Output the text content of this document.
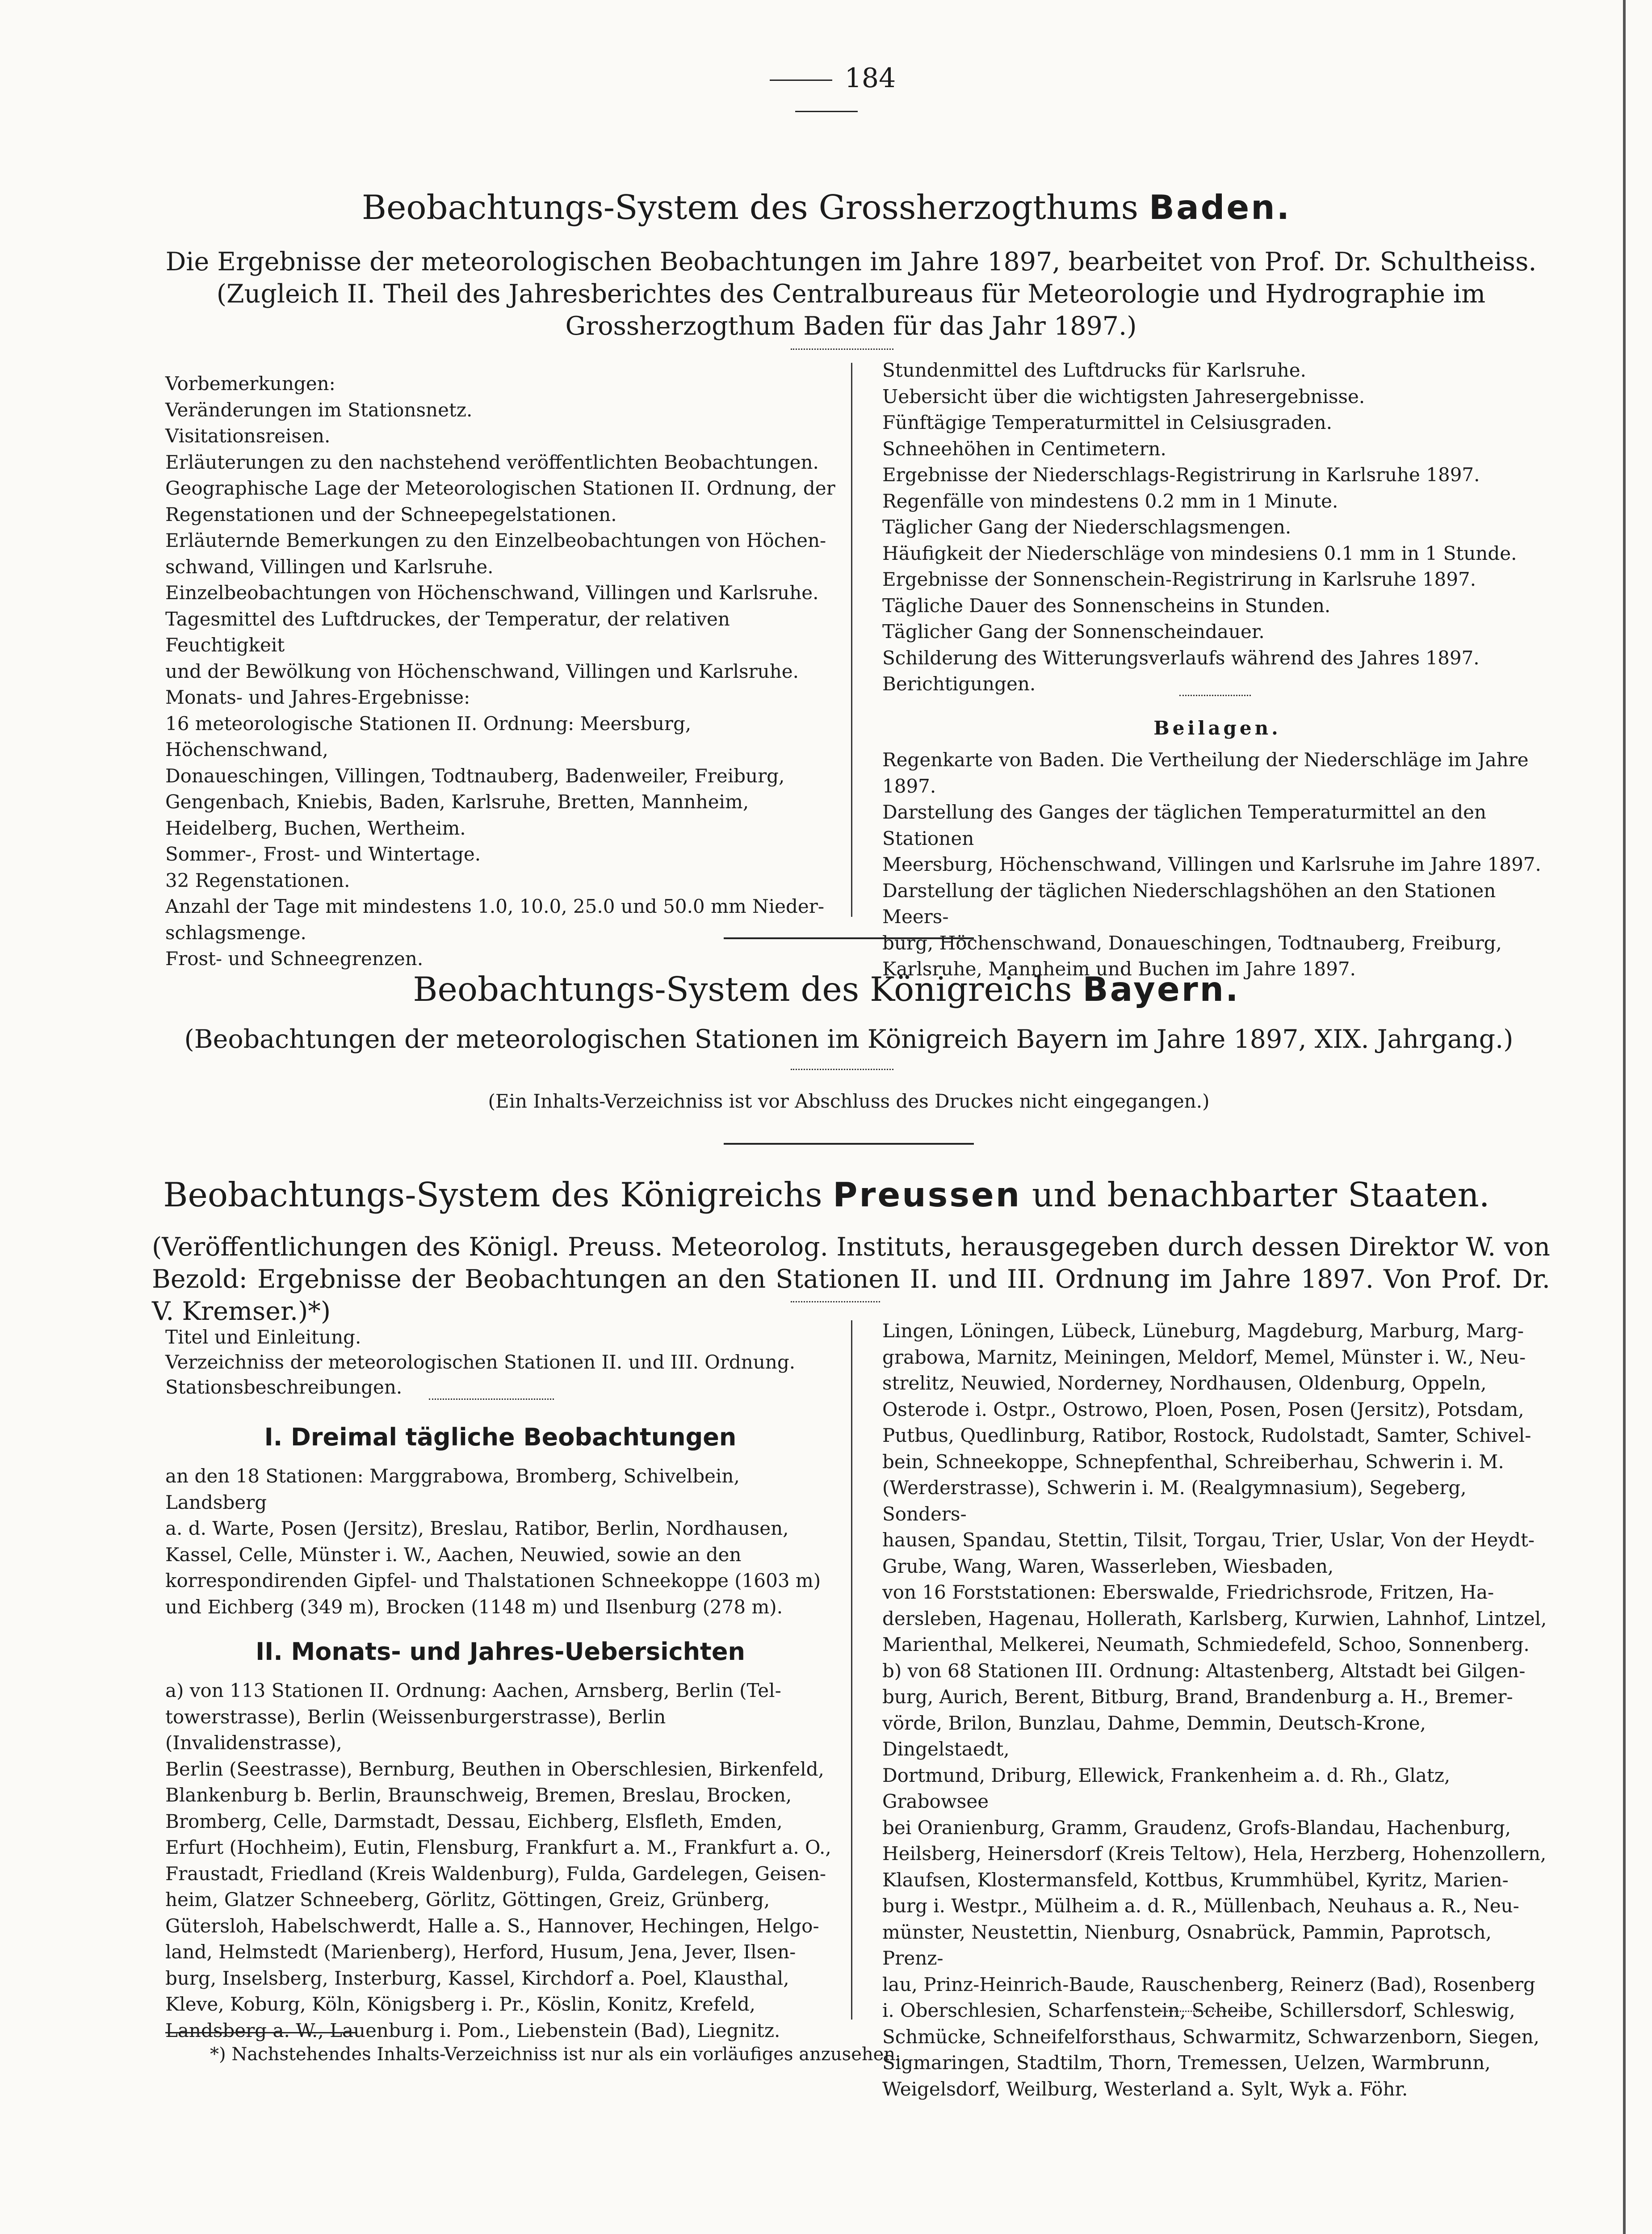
184
Beobachtungs-System des Grossherzogthums Baden.
Die Ergebnisse der meteorologischen Beobachtungen im Jahre 1897, bearbeitet von Prof. Dr. Schultheiss. (Zugleich II. Theil des Jahresberichtes des Centralbureaus für Meteorologie und Hydrographie im Grossherzogthum Baden für das Jahr 1897.)
Vorbemerkungen:
Veränderungen im Stationsnetz.
Visitationsreisen.
Erläuterungen zu den nachstehend veröffentlichten Beobachtungen.
Geographische Lage der Meteorologischen Stationen II. Ordnung, der
Regenstationen und der Schneepegelstationen.
Erläuternde Bemerkungen zu den Einzelbeobachtungen von Höchen-
schwand, Villingen und Karlsruhe.
Einzelbeobachtungen von Höchenschwand, Villingen und Karlsruhe.
Tagesmittel des Luftdruckes, der Temperatur, der relativen Feuchtigkeit
und der Bewölkung von Höchenschwand, Villingen und Karlsruhe.
Monats- und Jahres-Ergebnisse:
16 meteorologische Stationen II. Ordnung: Meersburg, Höchenschwand,
Donaueschingen, Villingen, Todtnauberg, Badenweiler, Freiburg,
Gengenbach, Kniebis, Baden, Karlsruhe, Bretten, Mannheim,
Heidelberg, Buchen, Wertheim.
Sommer-, Frost- und Wintertage.
32 Regenstationen.
Anzahl der Tage mit mindestens 1.0, 10.0, 25.0 und 50.0 mm Nieder-
schlagsmenge.
Frost- und Schneegrenzen.
Stundenmittel des Luftdrucks für Karlsruhe.
Uebersicht über die wichtigsten Jahresergebnisse.
Fünftägige Temperaturmittel in Celsiusgraden.
Schneehöhen in Centimetern.
Ergebnisse der Niederschlags-Registrirung in Karlsruhe 1897.
Regenfälle von mindestens 0.2 mm in 1 Minute.
Täglicher Gang der Niederschlagsmengen.
Häufigkeit der Niederschläge von mindesiens 0.1 mm in 1 Stunde.
Ergebnisse der Sonnenschein-Registrirung in Karlsruhe 1897.
Tägliche Dauer des Sonnenscheins in Stunden.
Täglicher Gang der Sonnenscheindauer.
Schilderung des Witterungsverlaufs während des Jahres 1897.
Berichtigungen.
Beilagen.
Regenkarte von Baden. Die Vertheilung der Niederschläge im Jahre 1897.
Darstellung des Ganges der täglichen Temperaturmittel an den Stationen
Meersburg, Höchenschwand, Villingen und Karlsruhe im Jahre 1897.
Darstellung der täglichen Niederschlagshöhen an den Stationen Meers-
burg, Höchenschwand, Donaueschingen, Todtnauberg, Freiburg,
Karlsruhe, Mannheim und Buchen im Jahre 1897.
Beobachtungs-System des Königreichs Bayern.
(Beobachtungen der meteorologischen Stationen im Königreich Bayern im Jahre 1897, XIX. Jahrgang.)
(Ein Inhalts-Verzeichniss ist vor Abschluss des Druckes nicht eingegangen.)
Beobachtungs-System des Königreichs Preussen und benachbarter Staaten.
(Veröffentlichungen des Königl. Preuss. Meteorolog. Instituts, herausgegeben durch dessen Direktor W. von Bezold: Ergebnisse der Beobachtungen an den Stationen II. und III. Ordnung im Jahre 1897. Von Prof. Dr. V. Kremser.)*)
Titel und Einleitung.
Verzeichniss der meteorologischen Stationen II. und III. Ordnung.
Stationsbeschreibungen.
I. Dreimal tägliche Beobachtungen
an den 18 Stationen: Marggrabowa, Bromberg, Schivelbein, Landsberg
a. d. Warte, Posen (Jersitz), Breslau, Ratibor, Berlin, Nordhausen,
Kassel, Celle, Münster i. W., Aachen, Neuwied, sowie an den
korrespondirenden Gipfel- und Thalstationen Schneekoppe (1603 m)
und Eichberg (349 m), Brocken (1148 m) und Ilsenburg (278 m).
II. Monats- und Jahres-Uebersichten
a) von 113 Stationen II. Ordnung: Aachen, Arnsberg, Berlin (Tel-
towerstrasse), Berlin (Weissenburgerstrasse), Berlin (Invalidenstrasse),
Berlin (Seestrasse), Bernburg, Beuthen in Oberschlesien, Birkenfeld,
Blankenburg b. Berlin, Braunschweig, Bremen, Breslau, Brocken,
Bromberg, Celle, Darmstadt, Dessau, Eichberg, Elsfleth, Emden,
Erfurt (Hochheim), Eutin, Flensburg, Frankfurt a. M., Frankfurt a. O.,
Fraustadt, Friedland (Kreis Waldenburg), Fulda, Gardelegen, Geisen-
heim, Glatzer Schneeberg, Görlitz, Göttingen, Greiz, Grünberg,
Gütersloh, Habelschwerdt, Halle a. S., Hannover, Hechingen, Helgo-
land, Helmstedt (Marienberg), Herford, Husum, Jena, Jever, Ilsen-
burg, Inselsberg, Insterburg, Kassel, Kirchdorf a. Poel, Klausthal,
Kleve, Koburg, Köln, Königsberg i. Pr., Köslin, Konitz, Krefeld,
Landsberg a. W., Lauenburg i. Pom., Liebenstein (Bad), Liegnitz.
Lingen, Löningen, Lübeck, Lüneburg, Magdeburg, Marburg, Marg-
grabowa, Marnitz, Meiningen, Meldorf, Memel, Münster i. W., Neu-
strelitz, Neuwied, Norderney, Nordhausen, Oldenburg, Oppeln,
Osterode i. Ostpr., Ostrowo, Ploen, Posen, Posen (Jersitz), Potsdam,
Putbus, Quedlinburg, Ratibor, Rostock, Rudolstadt, Samter, Schivel-
bein, Schneekoppe, Schnepfenthal, Schreiberhau, Schwerin i. M.
(Werderstrasse), Schwerin i. M. (Realgymnasium), Segeberg, Sonders-
hausen, Spandau, Stettin, Tilsit, Torgau, Trier, Uslar, Von der Heydt-
Grube, Wang, Waren, Wasserleben, Wiesbaden,
von 16 Forststationen: Eberswalde, Friedrichsrode, Fritzen, Ha-
dersleben, Hagenau, Hollerath, Karlsberg, Kurwien, Lahnhof, Lintzel,
Marienthal, Melkerei, Neumath, Schmiedefeld, Schoo, Sonnenberg.
b) von 68 Stationen III. Ordnung: Altastenberg, Altstadt bei Gilgen-
burg, Aurich, Berent, Bitburg, Brand, Brandenburg a. H., Bremer-
vörde, Brilon, Bunzlau, Dahme, Demmin, Deutsch-Krone, Dingelstaedt,
Dortmund, Driburg, Ellewick, Frankenheim a. d. Rh., Glatz, Grabowsee
bei Oranienburg, Gramm, Graudenz, Grofs-Blandau, Hachenburg,
Heilsberg, Heinersdorf (Kreis Teltow), Hela, Herzberg, Hohenzollern,
Klaufsen, Klostermansfeld, Kottbus, Krummhübel, Kyritz, Marien-
burg i. Westpr., Mülheim a. d. R., Müllenbach, Neuhaus a. R., Neu-
münster, Neustettin, Nienburg, Osnabrück, Pammin, Paprotsch, Prenz-
lau, Prinz-Heinrich-Baude, Rauschenberg, Reinerz (Bad), Rosenberg
i. Oberschlesien, Scharfenstein, Scheibe, Schillersdorf, Schleswig,
Schmücke, Schneifelforsthaus, Schwarmitz, Schwarzenborn, Siegen,
Sigmaringen, Stadtilm, Thorn, Tremessen, Uelzen, Warmbrunn,
Weigelsdorf, Weilburg, Westerland a. Sylt, Wyk a. Föhr.
*) Nachstehendes Inhalts-Verzeichniss ist nur als ein vorläufiges anzusehen.
